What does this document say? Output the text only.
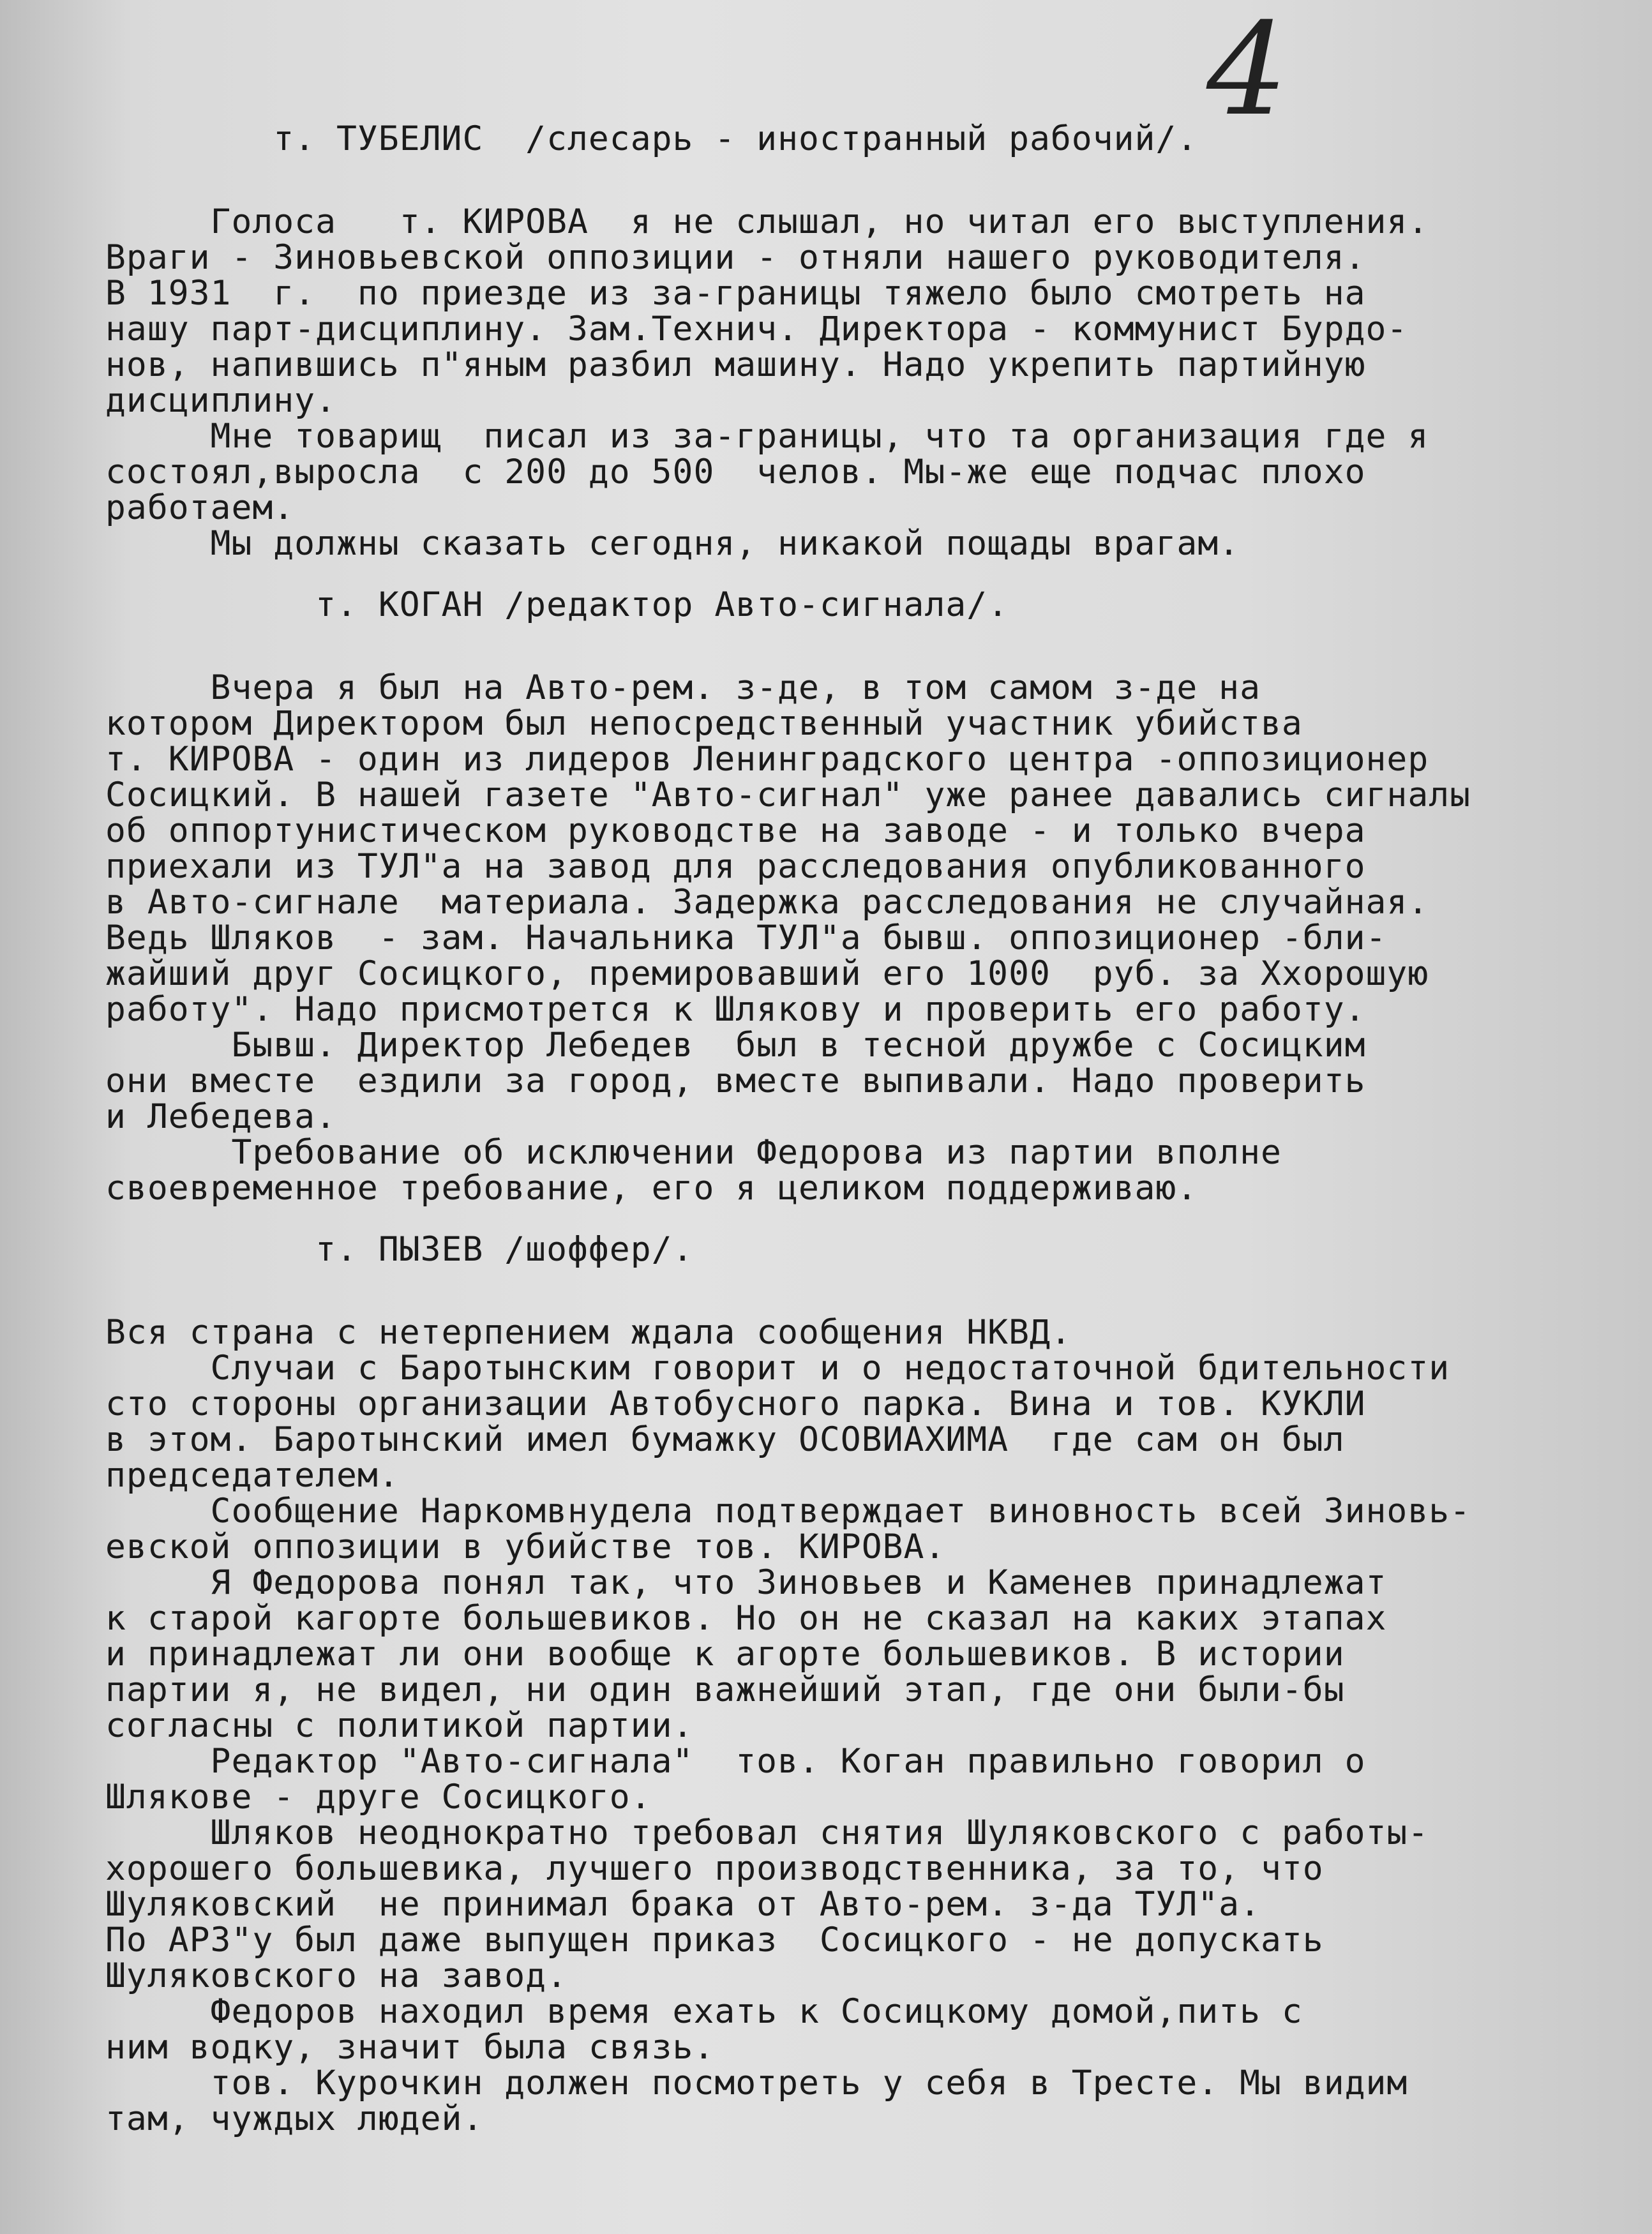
4
т. ТУБЕЛИС  /слесарь - иностранный рабочий/.
Голоса   т. КИРОВА  я не слышал, но читал его выступления.
Враги - Зиновьевской оппозиции - отняли нашего руководителя.
В 1931  г.  по приезде из за-границы тяжело было смотреть на
нашу парт-дисциплину. Зам.Технич. Директора - коммунист Бурдо-
нов, напившись п"яным разбил машину. Надо укрепить партийную
дисциплину.
Мне товарищ  писал из за-границы, что та организация где я
состоял,выросла  с 200 до 500  челов. Мы-же еще подчас плохо
работаем.
Мы должны сказать сегодня, никакой пощады врагам.
т. КОГАН /редактор Авто-сигнала/.
Вчера я был на Авто-рем. з-де, в том самом з-де на
котором Директором был непосредственный участник убийства
т. КИРОВА - один из лидеров Ленинградского центра -оппозиционер
Сосицкий. В нашей газете "Авто-сигнал" уже ранее давались сигналы
об оппортунистическом руководстве на заводе - и только вчера
приехали из ТУЛ"а на завод для расследования опубликованного
в Авто-сигнале  материала. Задержка расследования не случайная.
Ведь Шляков  - зам. Начальника ТУЛ"а бывш. оппозиционер -бли-
жайший друг Сосицкого, премировавший его 1000  руб. за Ххорошую
работу". Надо присмотрется к Шлякову и проверить его работу.
Бывш. Директор Лебедев  был в тесной дружбе с Сосицким
они вместе  ездили за город, вместе выпивали. Надо проверить
и Лебедева.
Требование об исключении Федорова из партии вполне
своевременное требование, его я целиком поддерживаю.
т. ПЫЗЕВ /шоффер/.
Вся страна с нетерпением ждала сообщения НКВД.
Случаи с Баротынским говорит и о недостаточной бдительности
сто стороны организации Автобусного парка. Вина и тов. КУКЛИ
в этом. Баротынский имел бумажку ОСОВИАХИМА  где сам он был
председателем.
Сообщение Наркомвнудела подтверждает виновность всей Зиновь-
евской оппозиции в убийстве тов. КИРОВА.
Я Федорова понял так, что Зиновьев и Каменев принадлежат
к старой кагорте большевиков. Но он не сказал на каких этапах
и принадлежат ли они вообще к агорте большевиков. В истории
партии я, не видел, ни один важнейший этап, где они были-бы
согласны с политикой партии.
Редактор "Авто-сигнала"  тов. Коган правильно говорил о
Шлякове - друге Сосицкого.
Шляков неоднократно требовал снятия Шуляковского с работы-
хорошего большевика, лучшего производственника, за то, что
Шуляковский  не принимал брака от Авто-рем. з-да ТУЛ"а.
По АРЗ"у был даже выпущен приказ  Сосицкого - не допускать
Шуляковского на завод.
Федоров находил время ехать к Сосицкому домой,пить с
ним водку, значит была связь.
тов. Курочкин должен посмотреть у себя в Тресте. Мы видим
там, чуждых людей.
